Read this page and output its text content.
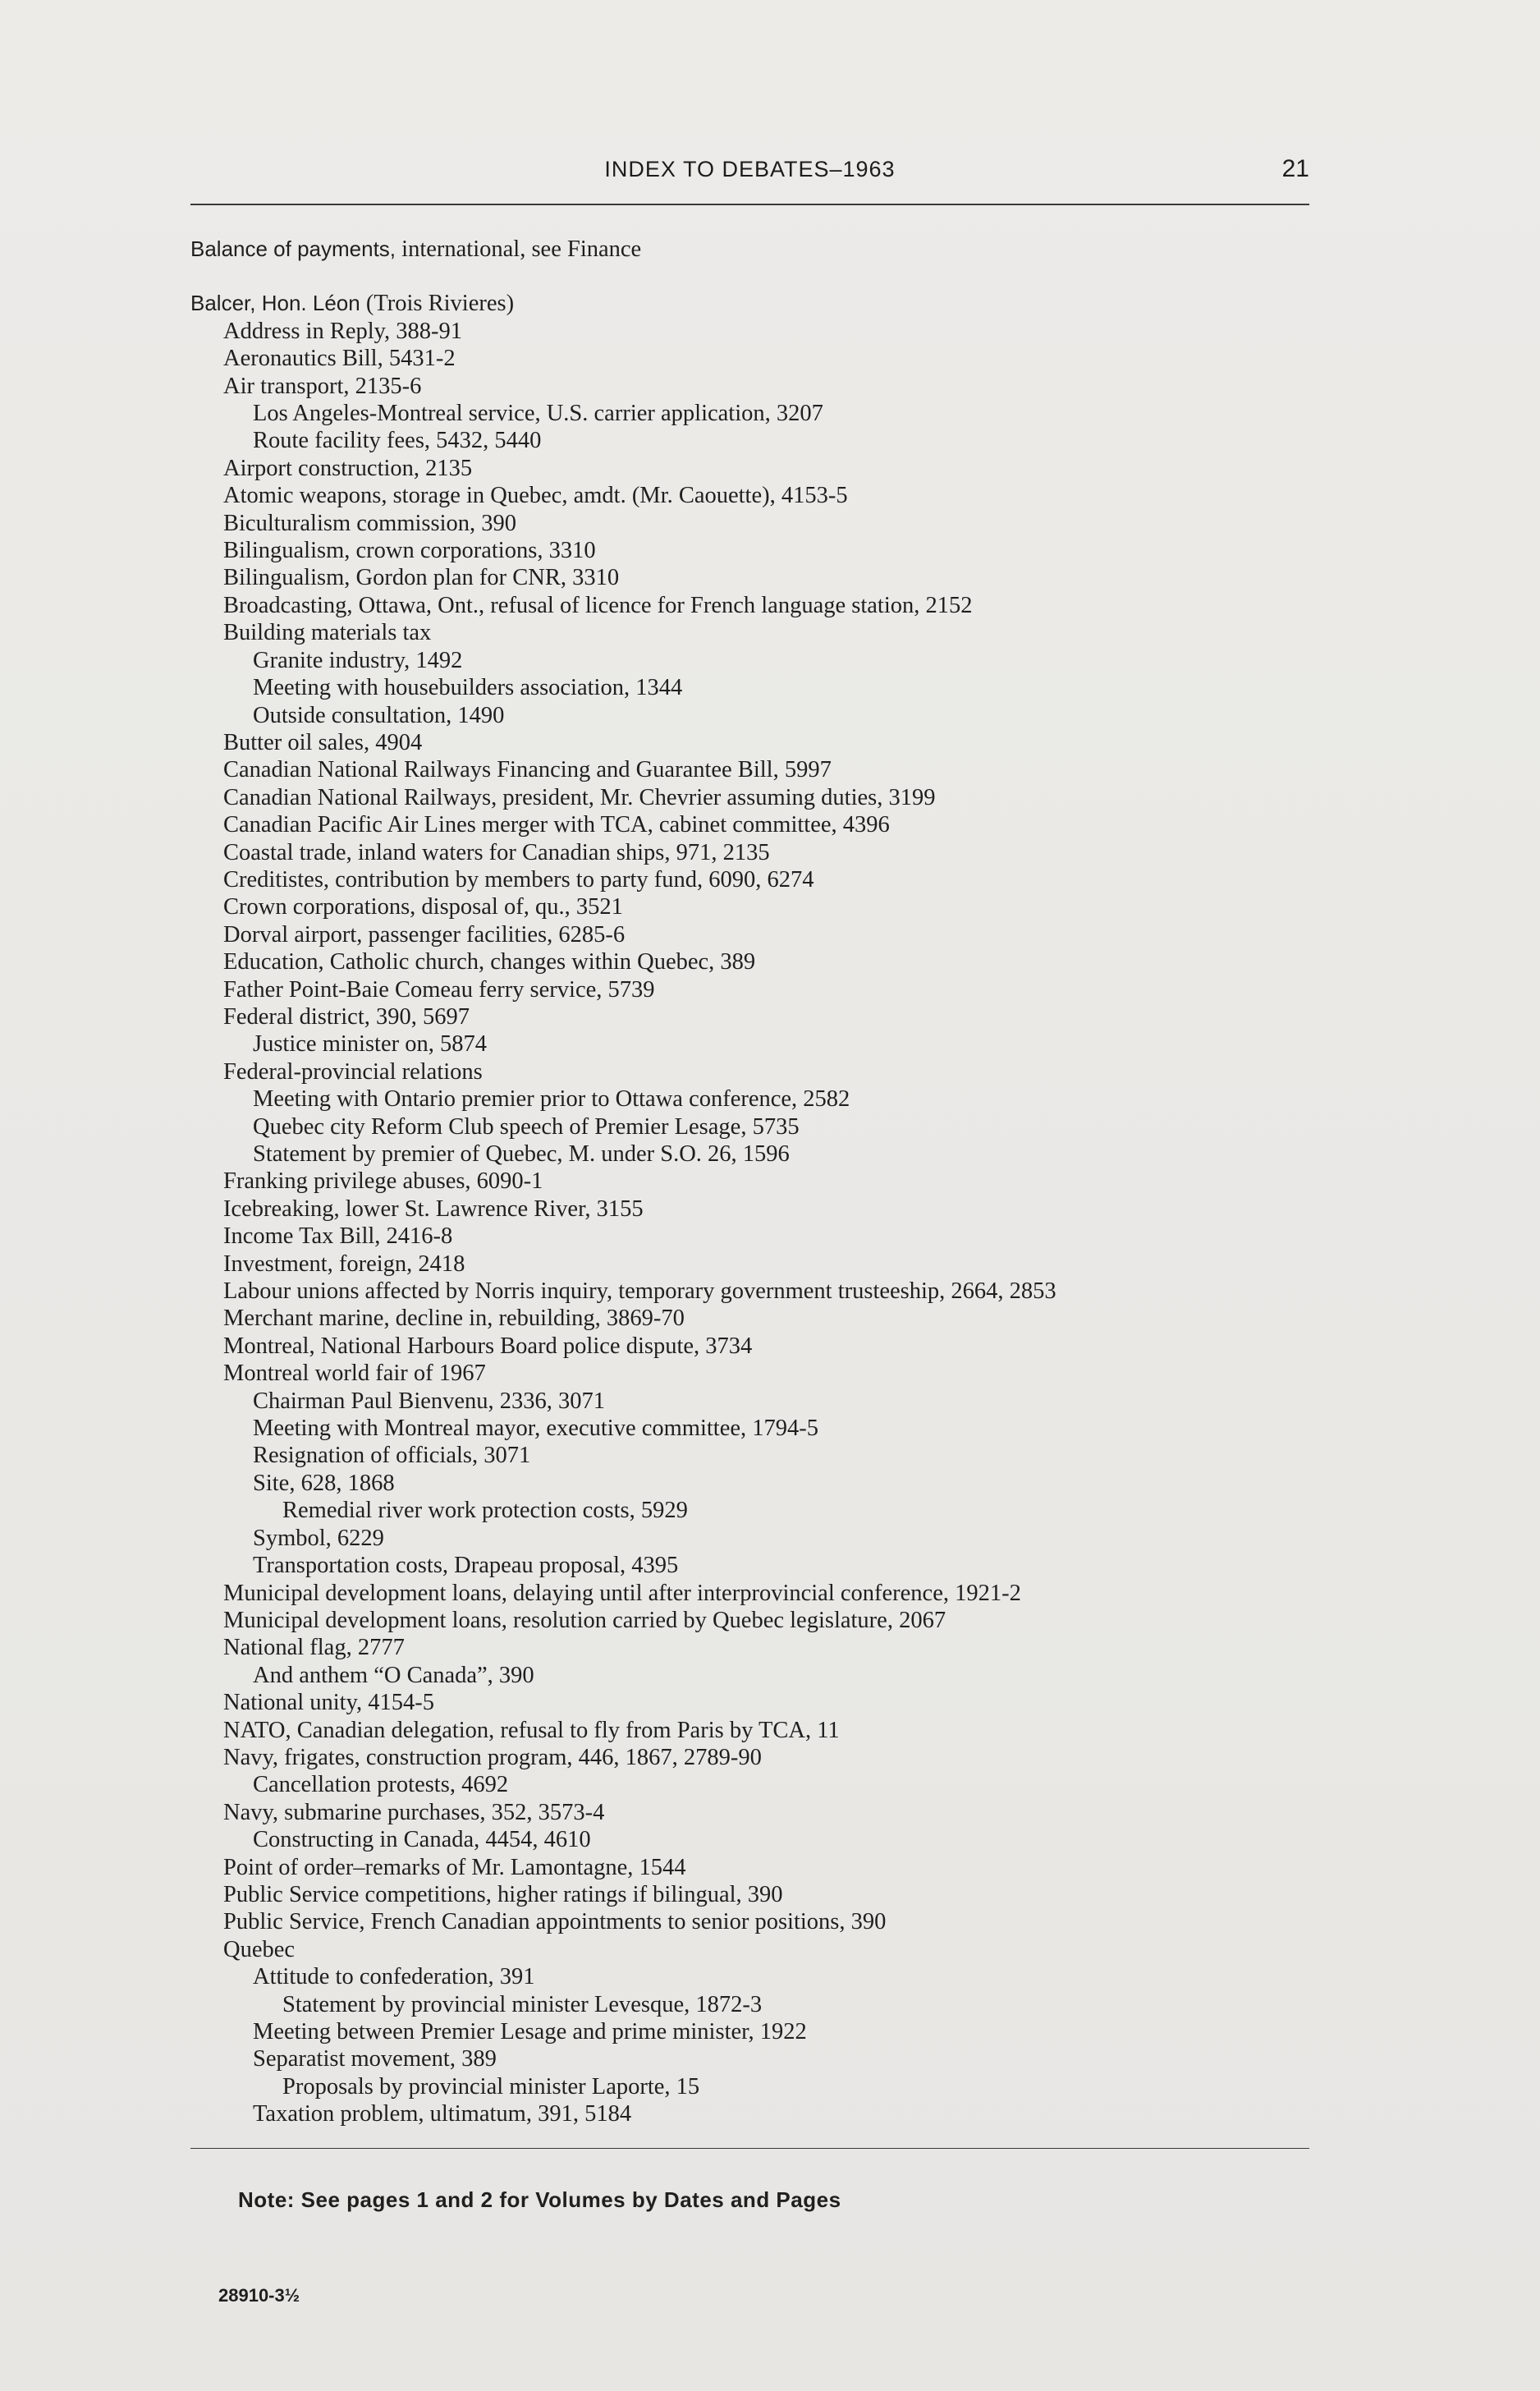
INDEX TO DEBATES–1963	21
Balance of payments, international, see Finance
Balcer, Hon. Léon (Trois Rivieres)
Address in Reply, 388-91
Aeronautics Bill, 5431-2
Air transport, 2135-6
Los Angeles-Montreal service, U.S. carrier application, 3207
Route facility fees, 5432, 5440
Airport construction, 2135
Atomic weapons, storage in Quebec, amdt. (Mr. Caouette), 4153-5
Biculturalism commission, 390
Bilingualism, crown corporations, 3310
Bilingualism, Gordon plan for CNR, 3310
Broadcasting, Ottawa, Ont., refusal of licence for French language station, 2152
Building materials tax
Granite industry, 1492
Meeting with housebuilders association, 1344
Outside consultation, 1490
Butter oil sales, 4904
Canadian National Railways Financing and Guarantee Bill, 5997
Canadian National Railways, president, Mr. Chevrier assuming duties, 3199
Canadian Pacific Air Lines merger with TCA, cabinet committee, 4396
Coastal trade, inland waters for Canadian ships, 971, 2135
Creditistes, contribution by members to party fund, 6090, 6274
Crown corporations, disposal of, qu., 3521
Dorval airport, passenger facilities, 6285-6
Education, Catholic church, changes within Quebec, 389
Father Point-Baie Comeau ferry service, 5739
Federal district, 390, 5697
Justice minister on, 5874
Federal-provincial relations
Meeting with Ontario premier prior to Ottawa conference, 2582
Quebec city Reform Club speech of Premier Lesage, 5735
Statement by premier of Quebec, M. under S.O. 26, 1596
Franking privilege abuses, 6090-1
Icebreaking, lower St. Lawrence River, 3155
Income Tax Bill, 2416-8
Investment, foreign, 2418
Labour unions affected by Norris inquiry, temporary government trusteeship, 2664, 2853
Merchant marine, decline in, rebuilding, 3869-70
Montreal, National Harbours Board police dispute, 3734
Montreal world fair of 1967
Chairman Paul Bienvenu, 2336, 3071
Meeting with Montreal mayor, executive committee, 1794-5
Resignation of officials, 3071
Site, 628, 1868
Remedial river work protection costs, 5929
Symbol, 6229
Transportation costs, Drapeau proposal, 4395
Municipal development loans, delaying until after interprovincial conference, 1921-2
Municipal development loans, resolution carried by Quebec legislature, 2067
National flag, 2777
And anthem “O Canada”, 390
National unity, 4154-5
NATO, Canadian delegation, refusal to fly from Paris by TCA, 11
Navy, frigates, construction program, 446, 1867, 2789-90
Cancellation protests, 4692
Navy, submarine purchases, 352, 3573-4
Constructing in Canada, 4454, 4610
Point of order–remarks of Mr. Lamontagne, 1544
Public Service competitions, higher ratings if bilingual, 390
Public Service, French Canadian appointments to senior positions, 390
Quebec
Attitude to confederation, 391
Statement by provincial minister Levesque, 1872-3
Meeting between Premier Lesage and prime minister, 1922
Separatist movement, 389
Proposals by provincial minister Laporte, 15
Taxation problem, ultimatum, 391, 5184
Note: See pages 1 and 2 for Volumes by Dates and Pages
28910-3½
